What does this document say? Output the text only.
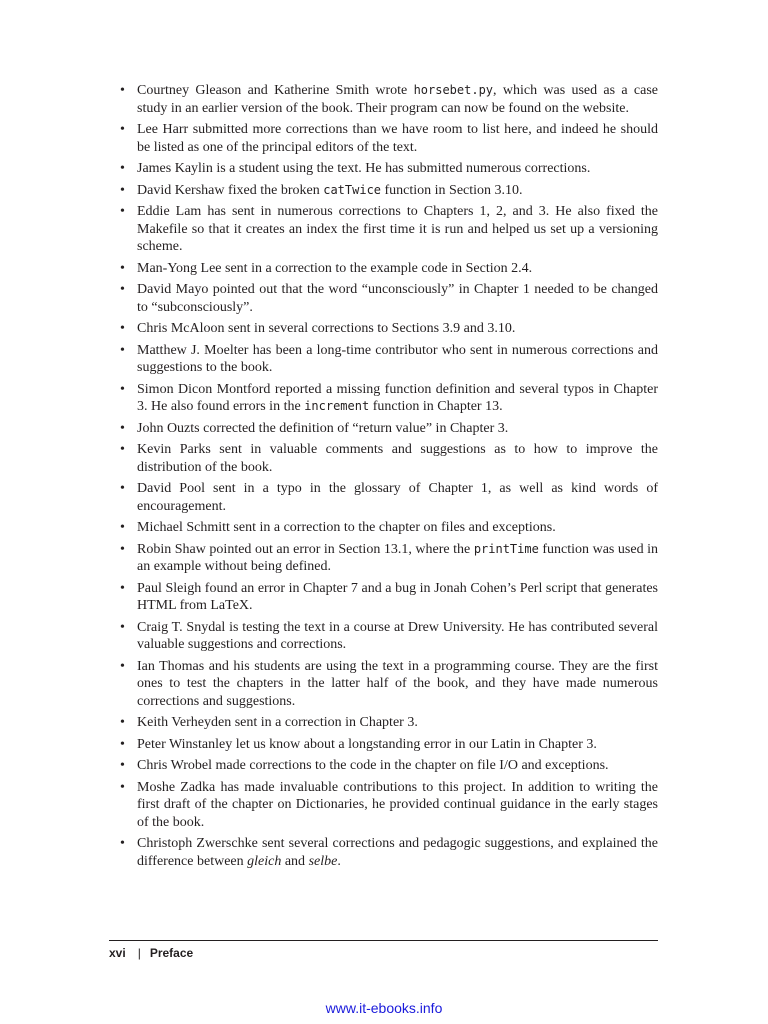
• Courtney Gleason and Katherine Smith wrote horsebet.py, which was used as a case study in an earlier version of the book. Their program can now be found on the website.
• Lee Harr submitted more corrections than we have room to list here, and indeed he should be listed as one of the principal editors of the text.
• James Kaylin is a student using the text. He has submitted numerous corrections.
• David Kershaw fixed the broken catTwice function in Section 3.10.
• Eddie Lam has sent in numerous corrections to Chapters 1, 2, and 3. He also fixed the Makefile so that it creates an index the first time it is run and helped us set up a versioning scheme.
• Man-Yong Lee sent in a correction to the example code in Section 2.4.
• David Mayo pointed out that the word “unconsciously” in Chapter 1 needed to be changed to “subconsciously”.
• Chris McAloon sent in several corrections to Sections 3.9 and 3.10.
• Matthew J. Moelter has been a long-time contributor who sent in numerous corrections and suggestions to the book.
• Simon Dicon Montford reported a missing function definition and several typos in Chapter 3. He also found errors in the increment function in Chapter 13.
• John Ouzts corrected the definition of “return value” in Chapter 3.
• Kevin Parks sent in valuable comments and suggestions as to how to improve the distribution of the book.
• David Pool sent in a typo in the glossary of Chapter 1, as well as kind words of encouragement.
• Michael Schmitt sent in a correction to the chapter on files and exceptions.
• Robin Shaw pointed out an error in Section 13.1, where the printTime function was used in an example without being defined.
• Paul Sleigh found an error in Chapter 7 and a bug in Jonah Cohen’s Perl script that generates HTML from LaTeX.
• Craig T. Snydal is testing the text in a course at Drew University. He has contributed several valuable suggestions and corrections.
• Ian Thomas and his students are using the text in a programming course. They are the first ones to test the chapters in the latter half of the book, and they have made numerous corrections and suggestions.
• Keith Verheyden sent in a correction in Chapter 3.
• Peter Winstanley let us know about a longstanding error in our Latin in Chapter 3.
• Chris Wrobel made corrections to the code in the chapter on file I/O and exceptions.
• Moshe Zadka has made invaluable contributions to this project. In addition to writing the first draft of the chapter on Dictionaries, he provided continual guidance in the early stages of the book.
• Christoph Zwerschke sent several corrections and pedagogic suggestions, and explained the difference between gleich and selbe.
xvi | Preface
www.it-ebooks.info
